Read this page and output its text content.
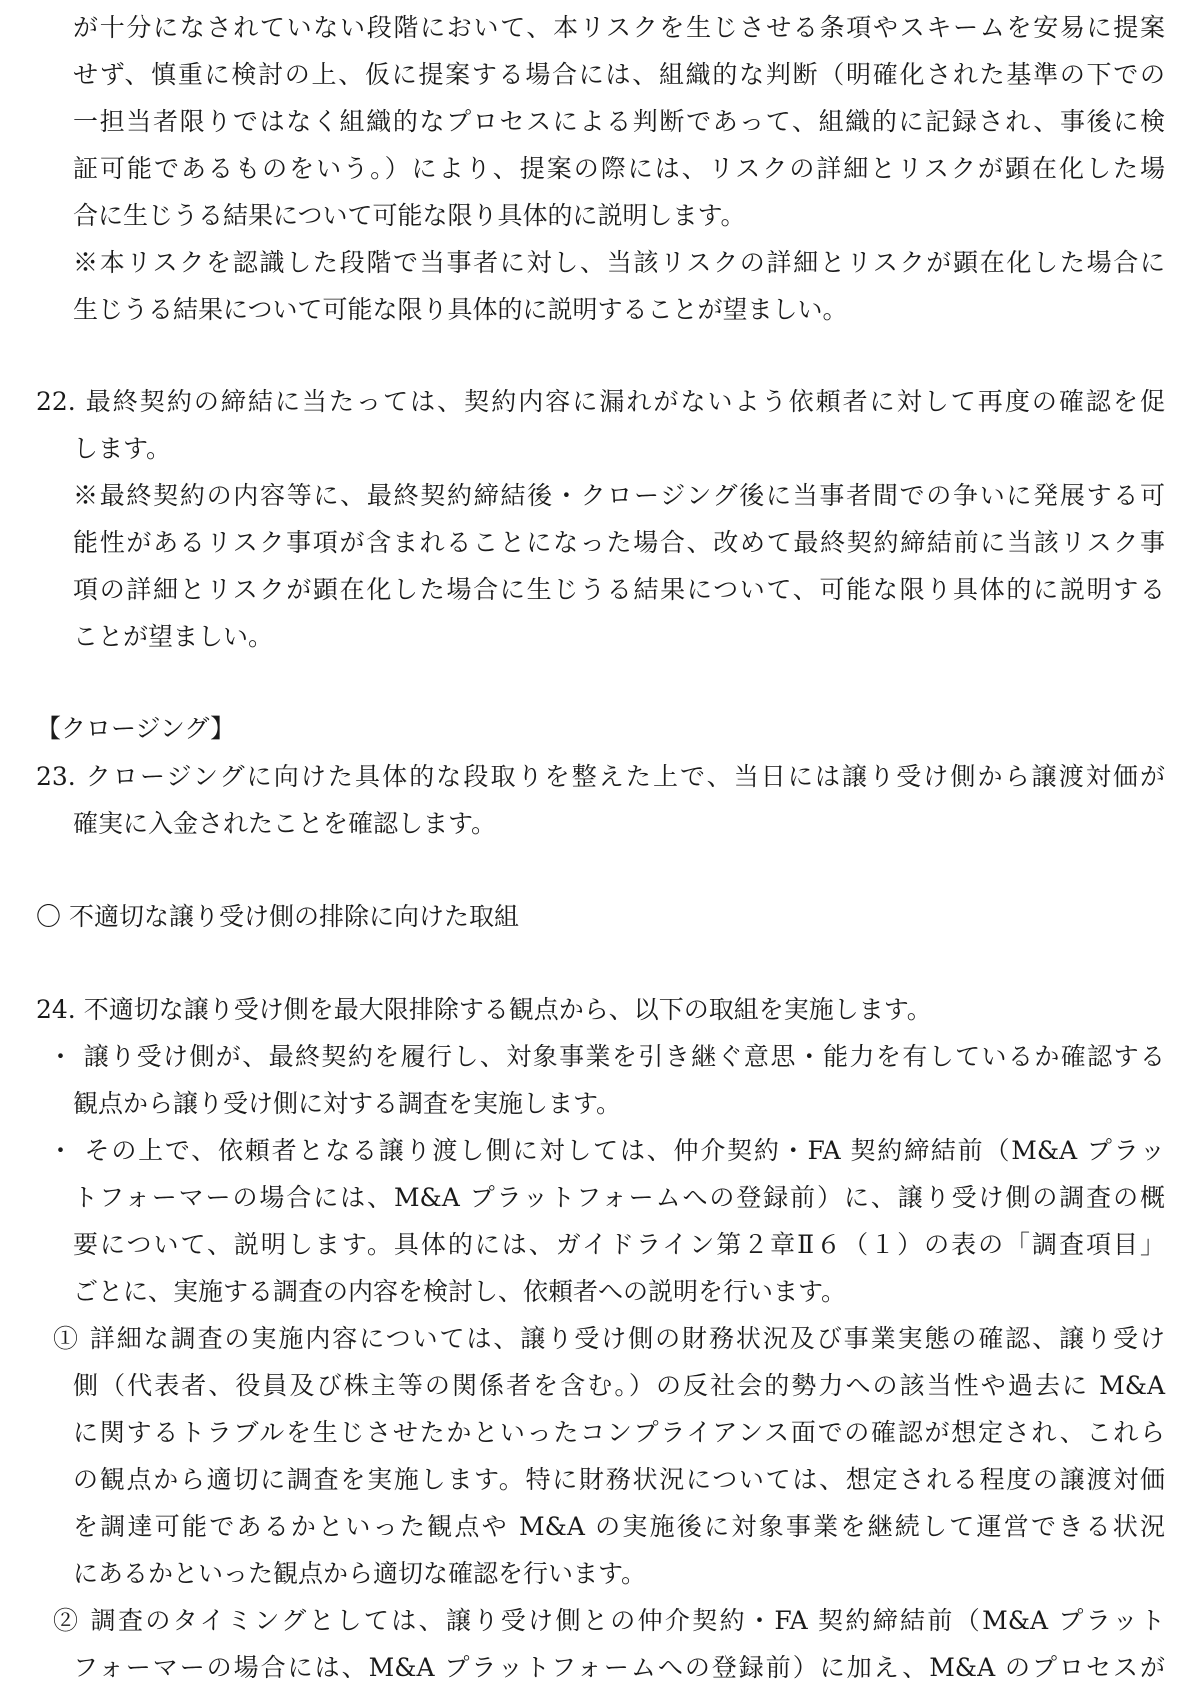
が十分になされていない段階において、本リスクを生じさせる条項やスキームを安易に提案
せず、慎重に検討の上、仮に提案する場合には、組織的な判断（明確化された基準の下での
一担当者限りではなく組織的なプロセスによる判断であって、組織的に記録され、事後に検
証可能であるものをいう。）により、提案の際には、リスクの詳細とリスクが顕在化した場
合に生じうる結果について可能な限り具体的に説明します。
※本リスクを認識した段階で当事者に対し、当該リスクの詳細とリスクが顕在化した場合に
生じうる結果について可能な限り具体的に説明することが望ましい。
22. 最終契約の締結に当たっては、契約内容に漏れがないよう依頼者に対して再度の確認を促
します。
※最終契約の内容等に、最終契約締結後・クロージング後に当事者間での争いに発展する可
能性があるリスク事項が含まれることになった場合、改めて最終契約締結前に当該リスク事
項の詳細とリスクが顕在化した場合に生じうる結果について、可能な限り具体的に説明する
ことが望ましい。
【クロージング】
23. クロージングに向けた具体的な段取りを整えた上で、当日には譲り受け側から譲渡対価が
確実に入金されたことを確認します。
〇 不適切な譲り受け側の排除に向けた取組
24. 不適切な譲り受け側を最大限排除する観点から、以下の取組を実施します。
・ 譲り受け側が、最終契約を履行し、対象事業を引き継ぐ意思・能力を有しているか確認する
観点から譲り受け側に対する調査を実施します。
・ その上で、依頼者となる譲り渡し側に対しては、仲介契約・FA 契約締結前（M&A プラッ
トフォーマーの場合には、M&A プラットフォームへの登録前）に、譲り受け側の調査の概
要について、説明します。具体的には、ガイドライン第２章Ⅱ６（１）の表の「調査項目」
ごとに、実施する調査の内容を検討し、依頼者への説明を行います。
① 詳細な調査の実施内容については、譲り受け側の財務状況及び事業実態の確認、譲り受け
側（代表者、役員及び株主等の関係者を含む。）の反社会的勢力への該当性や過去に M&A
に関するトラブルを生じさせたかといったコンプライアンス面での確認が想定され、これら
の観点から適切に調査を実施します。特に財務状況については、想定される程度の譲渡対価
を調達可能であるかといった観点や M&A の実施後に対象事業を継続して運営できる状況
にあるかといった観点から適切な確認を行います。
② 調査のタイミングとしては、譲り受け側との仲介契約・FA 契約締結前（M&A プラット
フォーマーの場合には、M&A プラットフォームへの登録前）に加え、M&A のプロセスが
